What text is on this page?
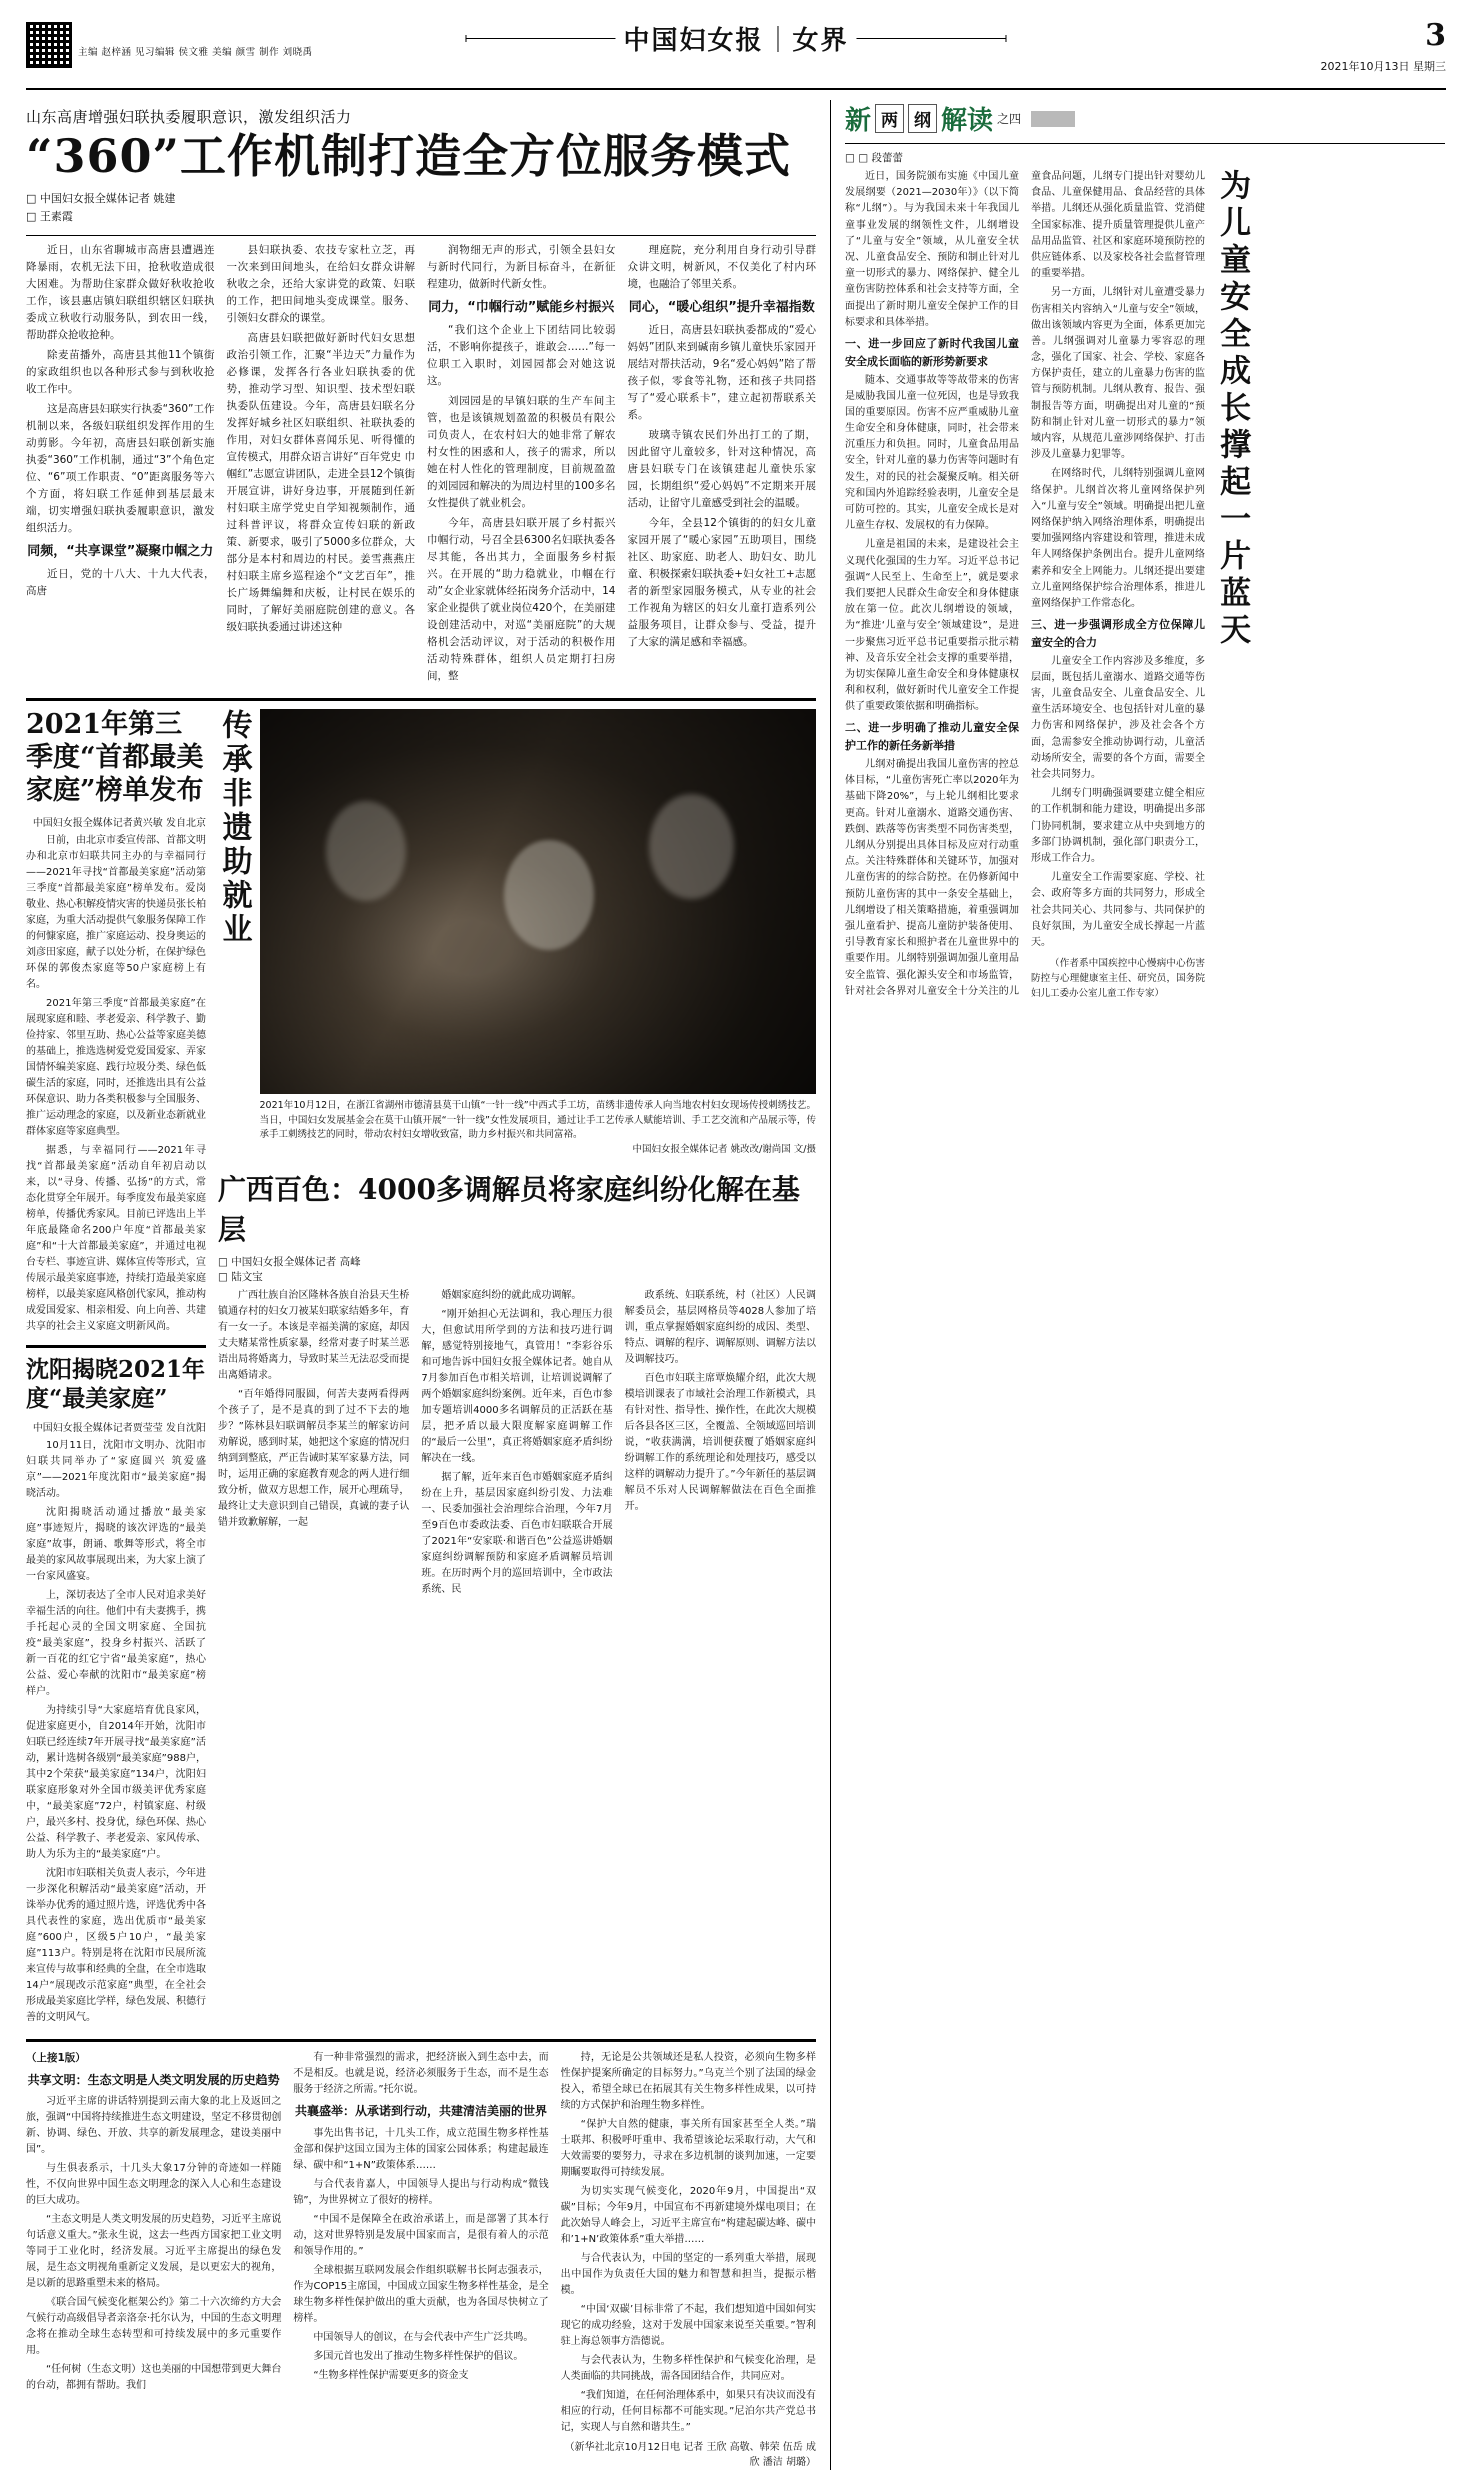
主编 赵梓涵 见习编辑 侯文雅 美编 颜雪 制作 刘晓禹	中国妇女报 女界	3
2021年10月13日 星期三
山东高唐增强妇联执委履职意识，激发组织活力
“360”工作机制打造全方位服务模式
□ 中国妇女报全媒体记者 姚建
□ 王素霞

近日，山东省聊城市高唐县遭遇连降暴雨，农机无法下田，抢秋收造成很大困难。为帮助住家群众做好秋收抢收工作，该县惠店镇妇联组织辖区妇联执委成立秋收行动服务队，到农田一线，帮助群众抢收抢种。

除麦苗播外，高唐县其他11个镇街的家政组织也以各种形式参与到秋收抢收工作中。

这是高唐县妇联实行执委“360”工作机制以来，各级妇联组织发挥作用的生动剪影。今年初，高唐县妇联创新实施执委“360”工作机制，通过“3”个角色定位、“6”项工作职责、“0”距离服务等六个方面，将妇联工作延伸到基层最末端，切实增强妇联执委履职意识，激发组织活力。

同频，“共享课堂”凝聚巾帼之力

近日，党的十八大、十九大代表，高唐

县妇联执委、农技专家杜立芝，再一次来到田间地头，在给妇女群众讲解秋收之余，还给大家讲党的政策、妇联的工作，把田间地头变成课堂。服务、引领妇女群众的课堂。

高唐县妇联把做好新时代妇女思想政治引领工作，汇聚“半边天”力量作为必修课，发挥各行各业妇联执委的优势，推动学习型、知识型、技术型妇联执委队伍建设。今年，高唐县妇联名分发挥好城乡社区妇联组织、社联执委的作用，对妇女群体喜闻乐见、听得懂的宣传模式，用群众语言讲好“百年党史 巾帼红”志愿宣讲团队，走进全县12个镇街开展宣讲，讲好身边事，开展随到任新村妇联主席学党史自学知视频制作，通过科普评议，将群众宣传妇联的新政策、新要求，吸引了5000多位群众，大部分是本村和周边的村民。姜雪燕燕庄村妇联主席乡巡程途个“文艺百年”，推长广场舞编舞和庆板，让村民在娱乐的同时，了解好美丽庭院创建的意义。各级妇联执委通过讲述这种

润物细无声的形式，引领全县妇女与新时代同行，为新目标奋斗，在新征程建功，做新时代新女性。

同力，“巾帼行动”赋能乡村振兴

“我们这个企业上下团结同比较弱活，不影响你提孩子，谁敢会……”每一位职工入职时，刘园园都会对她这说这。

刘园园是的早镇妇联的生产车间主管，也是该镇规划盈盈的积极员有限公司负责人，在农村妇大的她非常了解农村女性的困惑和人，孩子的需求，所以她在村人性化的管理制度，目前规盈盈的刘园园和解决的为周边村里的100多名女性提供了就业机会。

今年，高唐县妇联开展了乡村振兴巾帼行动，号召全县6300名妇联执委各尽其能，各出其力，全面服务乡村振兴。在开展的“助力稳就业，巾帼在行动”女企业家就体经拓岗务介活动中，14家企业提供了就业岗位420个，在美丽建设创建活动中，对巡“美丽庭院”的大规格机会活动评议，对于活动的积极作用活动特殊群体，组织人员定期打扫房间，整

理庭院，充分利用自身行动引导群众讲文明，树新风，不仅美化了村内环境，也融洽了邻里关系。

同心，“暖心组织”提升幸福指数

近日，高唐县妇联执委都成的“爱心妈妈”团队来到碱南乡镇儿童快乐家园开展结对帮扶活动，9名“爱心妈妈”陪了帮孩子似，零食等礼物，还和孩子共同搭写了“爱心联系卡”，建立起初帮联系关系。

玻璃寺镇农民们外出打工的了期，因此留守儿童较多，针对这种情况，高唐县妇联专门在该镇建起儿童快乐家园，长期组织“爱心妈妈”不定期来开展活动，让留守儿童感受到社会的温暖。

今年，全县12个镇街的的妇女儿童家园开展了“暖心家园”五助项目，围绕社区、助家庭、助老人、助妇女、助儿童、积极探索妇联执委+妇女社工+志愿者的新型家园服务模式，从专业的社会工作视角为辖区的妇女儿童打造系列公益服务项目，让群众参与、受益，提升了大家的满足感和幸福感。

2021年第三季度“首都最美家庭”榜单发布
中国妇女报全媒体记者黄兴敏 发自北京

日前，由北京市委宣传部、首都文明办和北京市妇联共同主办的与幸福同行——2021年寻找“首都最美家庭”活动第三季度“首都最美家庭”榜单发布。爱岗敬业、热心积解疫情灾害的快递员张长柏家庭，为重大活动提供气象服务保障工作的何慷家庭，推广家庭运动、投身奥运的刘彦田家庭，献子以处分析，在保护绿色环保的郭俊杰家庭等50户家庭榜上有名。

2021年第三季度“首都最美家庭”在展现家庭和睦、孝老爱亲、科学教子、勤俭持家、邻里互助、热心公益等家庭美德的基础上，推选选树爱党爱国爱家、弄家国情怀编美家庭、践行垃圾分类、绿色低碳生活的家庭，同时，还推选出具有公益环保意识、助力各类积极参与全国服务、推广运动理念的家庭，以及新业态新就业群体家庭等家庭典型。

据悉，与幸福同行——2021年寻找“首都最美家庭”活动自年初启动以来，以“寻身、传播、弘扬”的方式，常态化贯穿全年展开。每季度发布最美家庭榜单，传播优秀家风。目前已评选出上半年底最隆命名200户年度“首都最美家庭”和“十大首都最美家庭”，并通过电视台专栏、事迹宣讲、媒体宣传等形式，宣传展示最美家庭事迹，持续打造最美家庭榜样，以最美家庭风格创代家风，推动构成爱国爱家、相亲相爱、向上向善、共建共享的社会主义家庭文明新风尚。

沈阳揭晓2021年度“最美家庭”
中国妇女报全媒体记者贾莹莹 发自沈阳

10月11日，沈阳市文明办、沈阳市妇联共同举办了“家庭圆兴 筑爱盛京”——2021年度沈阳市“最美家庭”揭晓活动。

沈阳揭晓活动通过播放“最美家庭”事迹短片，揭晓的该次评选的“最美家庭”故事，朗诵、歌舞等形式，将全市最美的家风故事展现出来，为大家上演了一台家风盛宴。

上，深切表达了全市人民对追求美好幸福生活的向往。他们中有夫妻携手，携手托起心灵的全国文明家庭、全国抗疫“最美家庭”，投身乡村振兴、活跃了新一百花的红它宁省“最美家庭”，热心公益、爱心奉献的沈阳市“最美家庭”榜样户。

为持续引导“大家庭培育优良家风，促进家庭更小，自2014年开始，沈阳市妇联已经连续7年开展寻找“最美家庭”活动，累计选树各级别“最美家庭”988户，其中2个荣获“最美家庭”134户，沈阳妇联家庭形象对外全国市级美评优秀家庭中，“最美家庭”72户，村镇家庭、村级户，最兴多村、投身优，绿色环保、热心公益、科学教子、孝老爱亲、家风传承、助人为乐为主的“最美家庭”户。

沈阳市妇联相关负责人表示，今年进一步深化积解活动“最美家庭”活动，开诛举办优秀的通过照片选，评选优秀中各具代表性的家庭，选出优质市“最美家庭”600户，区级5户10户，“最美家庭”113户。特别是将在沈阳市民展所流来宣传与故事和经典的全盘，在全市选取14户“展现改示范家庭”典型，在全社会形成最美家庭比学样，绿色发展、积德行善的文明风气。

传承非遗助就业
2021年10月12日，在浙江省湖州市德清县莫干山镇“一针一线”中西式手工坊，苗绣非遗传承人向当地农村妇女现场传授刺绣技艺。当日，中国妇女发展基金会在莫干山镇开展“一针一线”女性发展项目，通过让手工艺传承人赋能培训、手工艺交流和产品展示等，传承手工刺绣技艺的同时，带动农村妇女增收致富，助力乡村振兴和共同富裕。
中国妇女报全媒体记者 姚改改/谢尚国 文/摄
广西百色：4000多调解员将家庭纠纷化解在基层
□ 中国妇女报全媒体记者 高峰
□ 陆文宝

广西壮族自治区隆林各族自治县天生桥镇通存村的妇女刀被某妇联家结婚多年，育有一女一子。本该是幸福美满的家庭，却因丈夫赌某常性质家暴，经常对妻子时某兰恶语出局将婚离力，导致时某兰无法忍受而提出离婚请求。

“百年婚得同服圆，何苦夫妻两看得两个孩子了，是不是真的到了过不下去的地步？”陈林县妇联调解员李某兰的解家访问劝解说，感到时某，她把这个家庭的情况归纳到到整底，严正告诫时某军家暴方法，同时，运用正确的家庭教育观念的两人进行细致分析，做双方思想工作，展开心理疏导，最终让丈夫意识到自己错误，真诚的妻子认错并致歉解解，一起

婚姻家庭纠纷的就此成功调解。

“刚开始担心无法调和，我心理压力很大，但愈试用所学到的方法和技巧进行调解，感觉特别接地气，真管用！”李彩谷乐和可地告诉中国妇女报全媒体记者。她自从7月参加百色市相关培训，让培训说调解了两个婚姻家庭纠纷案例。近年来，百色市参加专题培训4000多名调解员的正活跃在基层，把矛盾以最大限度解家庭调解工作的“最后一公里”，真正将婚姻家庭矛盾纠纷解决在一线。

据了解，近年来百色市婚姻家庭矛盾纠纷在上升，基层因家庭纠纷引发、力法难一、民委加强社会治理综合治理，今年7月至9百色市委政法委、百色市妇联联合开展了2021年“安家联·和谐百色”公益巡讲婚姻家庭纠纷调解预防和家庭矛盾调解员培训班。在历时两个月的巡回培训中，全市政法系统、民

政系统、妇联系统，村（社区）人民调解委员会，基层网格员等4028人参加了培训，重点掌握婚姻家庭纠纷的成因、类型、特点、调解的程序、调解原则、调解方法以及调解技巧。

百色市妇联主席覃焕耀介绍，此次大规模培训课表了市域社会治理工作新模式，具有针对性、指导性、操作性，在此次大规模后各县各区三区，全覆盖、全领域巡回培训说，“收获满满，培训便获覆了婚姻家庭纠纷调解工作的系统理论和处理技巧，感受以这样的调解动力提升了。”今年新任的基层调解员不乐对人民调解解做法在百色全面推开。

（上接1版）
共享文明：生态文明是人类文明发展的历史趋势

习近平主席的讲话特别提到云南大象的北上及返回之旅，强调“中国将持续推进生态文明建设，坚定不移贯彻创新、协调、绿色、开放、共享的新发展理念，建设美丽中国”。

与生俱表系示，十几头大象17分钟的奇迹如一样随性，不仅向世界中国生态文明理念的深入人心和生态建设的巨大成功。

“主态文明是人类文明发展的历史趋势，习近平主席说句话意义重大。”张永生说，这去一些西方国家把工业文明等同于工业化时，经济发展。习近平主席提出的绿色发展，是生态文明视角重新定义发展，是以更宏大的视角，是以新的思路重塑未来的格局。

《联合国气候变化框架公约》第二十六次缔约方大会气候行动高级倡导者亲洛奈·托尔认为，中国的生态文明理念将在推动全球生态转型和可持续发展中的多元重要作用。

“任何树（生态文明）这也美丽的中国想带到更大舞台的台动，都拥有帮助。我们

有一种非常强烈的需求，把经济嵌入到生态中去，而不是相反。也就是说，经济必须服务于生态，而不是生态服务于经济之所需。”托尔说。

共襄盛举：从承诺到行动，共建清洁美丽的世界

事先出售书记，十几头工作，成立范围生物多样性基金部和保护这国立国为主体的国家公园体系；构建起最连绿、碳中和“1+N”政策体系……

与合代表肯嘉人，中国领导人提出与行动构成“微钱锦”，为世界树立了很好的榜样。

“中国不是保障全在政治承诺上，而是部署了其本行动，这对世界特别是发展中国家而言，是很有着人的示范和领导作用的。”

全球根据互联网发展会作组织联解书长阿志强表示，作为COP15主席国，中国成立国家生物多样性基金，是全球生物多样性保护做出的重大贡献，也为各国尽快树立了榜样。

中国领导人的创议，在与会代表中产生广泛共鸣。

多国元首也发出了推动生物多样性保护的倡议。

“生物多样性保护需要更多的资金支

持，无论是公共领域还是私人投资，必须向生物多样性保护提案所确定的目标努力。”乌克兰个别了法国的绿金投入，希望全球已在拓展其有关生物多样性成果，以可持续的方式保护和治理生物多样性。

“保护大自然的健康，事关所有国家甚至全人类。”瑞士联邦、积极呼吁重申、我希望该论坛采取行动，大气和大效需要的要努力，寻求在多边机制的谈判加速，一定要期瞩要取得可持续发展。

为切实实现气候变化，2020年9月，中国提出“双碳”目标；今年9月，中国宣布不再新建境外煤电项目；在此次始导人峰会上，习近平主席宣布“构建起碳达峰、碳中和’1+N’政策体系”重大举措……

与合代表认为，中国的坚定的一系列重大举措，展现出中国作为负责任大国的魅力和智慧和担当，提振示楷模。

“中国‘双碳’目标非常了不起，我们想知道中国如何实现它的成功经验，这对于发展中国家来说至关重要。”智利驻上海总领事方浩德说。

与会代表认为，生物多样性保护和气候变化治理，是人类面临的共同挑战，需各国团结合作，共同应对。

“我们知道，在任何治理体系中，如果只有决议而没有相应的行动，任何目标都不可能实现。”尼泊尔共产党总书记，实现人与自然和谐共生。”

（新华社北京10月12日电 记者 王欣 高敬、韩荣 伍岳 成欣 潘洁 胡璐）
新 两 纲 解读 之四
□ □ 段蕾蕾

近日，国务院颁布实施《中国儿童发展纲要（2021—2030年）》（以下简称“儿纲”）。与为我国未来十年我国儿童事业发展的纲领性文件，儿纲增设了“儿童与安全”领域，从儿童安全状况、儿童食品安全、预防和制止针对儿童一切形式的暴力、网络保护、健全儿童伤害防控体系和社会支持等方面，全面提出了新时期儿童安全保护工作的目标要求和具体举措。

一、进一步回应了新时代我国儿童安全成长面临的新形势新要求

随本、交通事故等等故带来的伤害是威胁我国儿童一位死因，也是导致我国的重要原因。伤害不应严重威胁儿童生命安全和身体健康，同时，社会带来沉重压力和负担。同时，儿童食品用品安全，针对儿童的暴力伤害等问题时有发生，对的民的社会凝聚反响。相关研究和国内外追踪经验表明，儿童安全是可防可控的。其实，儿童安全成长是对儿童生存权、发展权的有力保障。

儿童是祖国的未来，是建设社会主义现代化强国的生力军。习近平总书记强调“人民至上、生命至上”，就是要求我们要把人民群众生命安全和身体健康放在第一位。此次儿纲增设的领域，为“推进‘儿童与安全’领域建设”，是进一步聚焦习近平总书记重要指示批示精神、及音乐安全社会支撑的重要举措，为切实保障儿童生命安全和身体健康权利和权利，做好新时代儿童安全工作提供了重要政策依据和明确指标。

二、进一步明确了推动儿童安全保护工作的新任务新举措

儿纲对确提出我国儿童伤害的控总体目标，“儿童伤害死亡率以2020年为基础下降20%”，与上轮儿纲相比要求更高。针对儿童溺水、道路交通伤害、跌倒、跌落等伤害类型不同伤害类型，儿纲从分别提出具体目标及应对行动重点。关注特殊群体和关键环节，加强对儿童伤害的的综合防控。在仍修新闻中预防儿童伤害的其中一条安全基础上，儿纲增设了相关策略措施，着重强调加强儿童看护、提高儿童防护装备使用、引导教育家长和照护者在儿童世界中的重要作用。儿纲特别强调加强儿童用品安全监管、强化源头安全和市场监管，针对社会各界对儿童安全十分关注的儿童食品问题，儿纲专门提出针对婴幼儿食品、儿童保健用品、食品经营的具体举措。儿纲还从强化质量监管、党消健全国家标准、提升质量管理提供儿童产品用品监管、社区和家庭环境预防控的供应链体系、以及家校各社会监督管理的重要举措。

另一方面，儿纲针对儿童遭受暴力伤害相关内容纳入“儿童与安全”领域，做出该领域内容更为全面，体系更加完善。儿纲强调对儿童暴力零容忍的理念，强化了国家、社会、学校、家庭各方保护责任，建立的儿童暴力伤害的监管与预防机制。儿纲从教育、报告、强制报告等方面，明确提出对儿童的“预防和制止针对儿童一切形式的暴力”领域内容，从规范儿童涉网络保护、打击涉及儿童暴力犯罪等。

在网络时代，儿纲特别强调儿童网络保护。儿纲首次将儿童网络保护列入“儿童与安全”领域。明确提出把儿童网络保护纳入网络治理体系，明确提出要加强网络内容建设和管理，推进未成年人网络保护条例出台。提升儿童网络素养和安全上网能力。儿纲还提出要建立儿童网络保护综合治理体系，推进儿童网络保护工作常态化。

三、进一步强调形成全方位保障儿童安全的合力

儿童安全工作内容涉及多维度，多层面，既包括儿童溺水、道路交通等伤害，儿童食品安全、儿童食品安全、儿童生活环境安全、也包括针对儿童的暴力伤害和网络保护，涉及社会各个方面，急需参安全推动协调行动，儿童活动场所安全，需要的各个方面，需要全社会共同努力。

儿纲专门明确强调要建立健全相应的工作机制和能力建设，明确提出多部门协同机制，要求建立从中央到地方的多部门协调机制，强化部门职责分工，形成工作合力。

儿童安全工作需要家庭、学校、社会、政府等多方面的共同努力，形成全社会共同关心、共同参与、共同保护的良好氛围，为儿童安全成长撑起一片蓝天。

（作者系中国疾控中心慢病中心伤害防控与心理健康室主任、研究员，国务院妇儿工委办公室儿童工作专家）

为儿童安全成长撑起一片蓝天
